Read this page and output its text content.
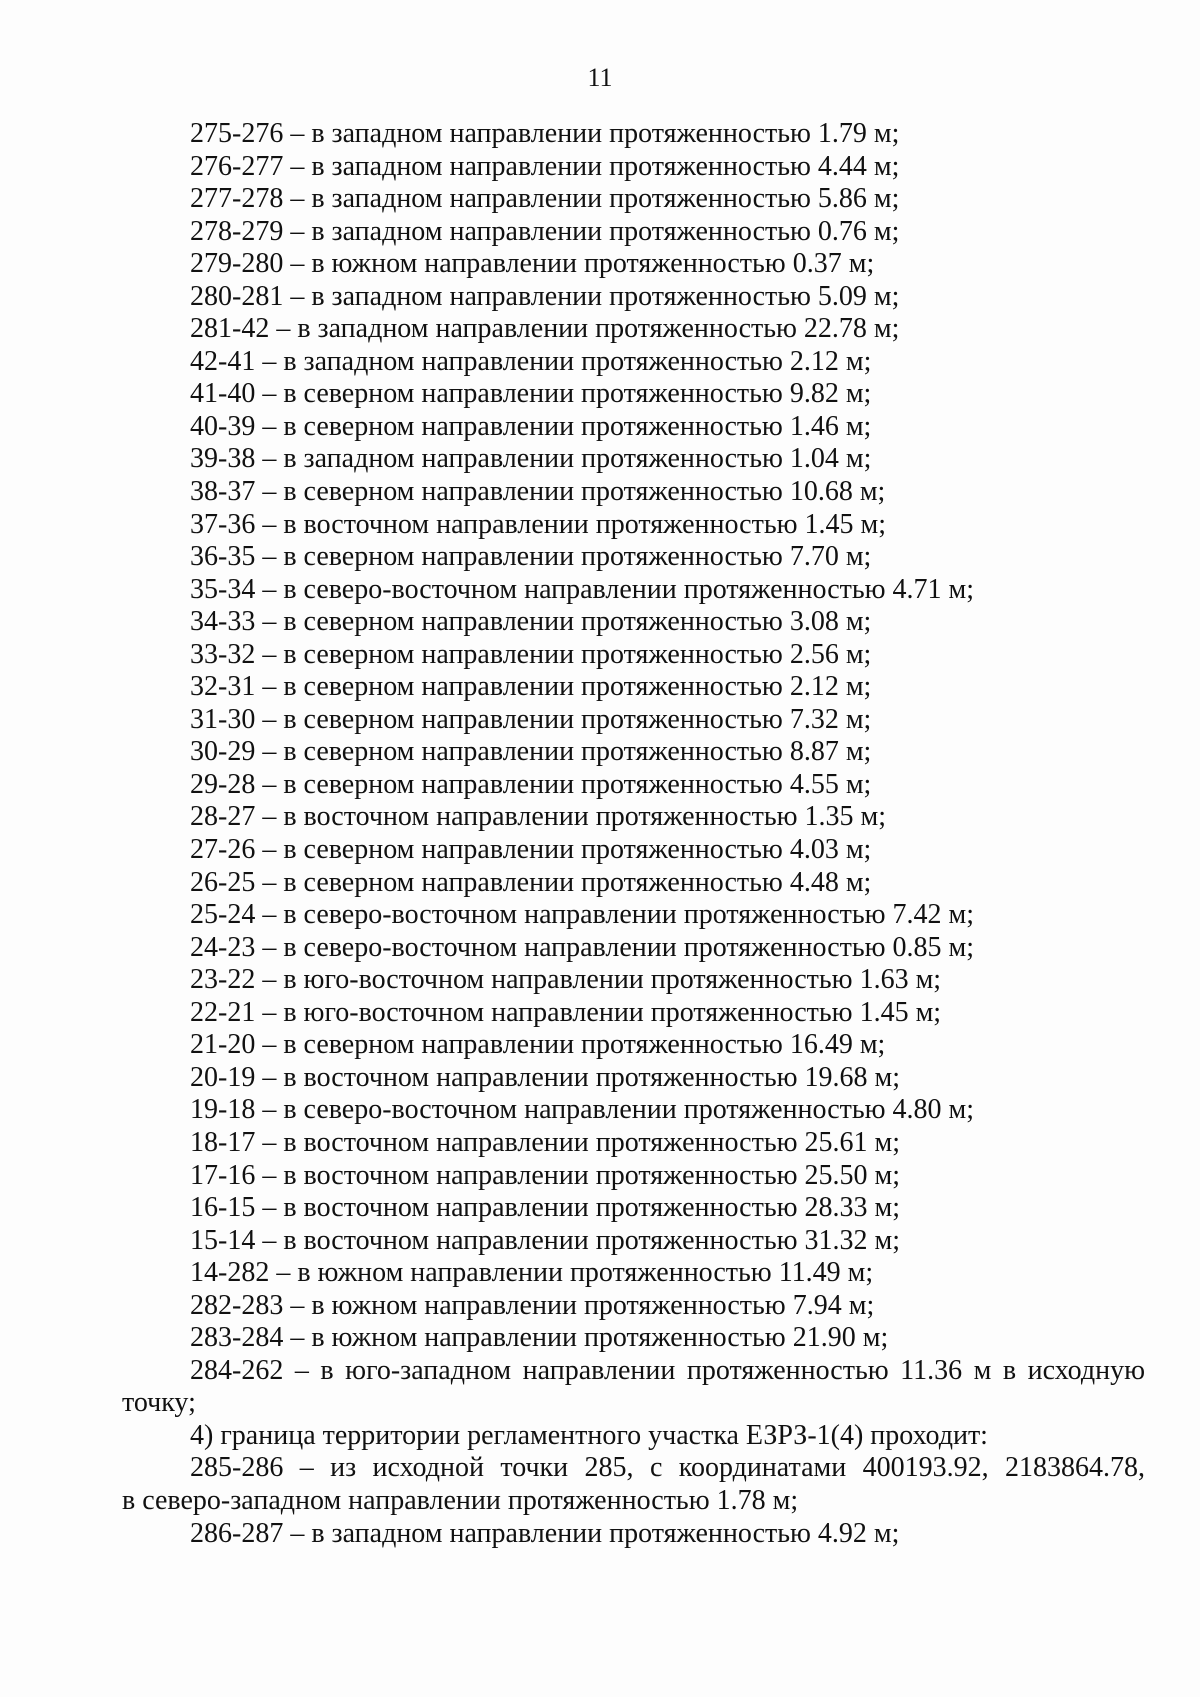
11
275-276 – в западном направлении протяженностью 1.79 м;
276-277 – в западном направлении протяженностью 4.44 м;
277-278 – в западном направлении протяженностью 5.86 м;
278-279 – в западном направлении протяженностью 0.76 м;
279-280 – в южном направлении протяженностью 0.37 м;
280-281 – в западном направлении протяженностью 5.09 м;
281-42 – в западном направлении протяженностью 22.78 м;
42-41 – в западном направлении протяженностью 2.12 м;
41-40 – в северном направлении протяженностью 9.82 м;
40-39 – в северном направлении протяженностью 1.46 м;
39-38 – в западном направлении протяженностью 1.04 м;
38-37 – в северном направлении протяженностью 10.68 м;
37-36 – в восточном направлении протяженностью 1.45 м;
36-35 – в северном направлении протяженностью 7.70 м;
35-34 – в северо-восточном направлении протяженностью 4.71 м;
34-33 – в северном направлении протяженностью 3.08 м;
33-32 – в северном направлении протяженностью 2.56 м;
32-31 – в северном направлении протяженностью 2.12 м;
31-30 – в северном направлении протяженностью 7.32 м;
30-29 – в северном направлении протяженностью 8.87 м;
29-28 – в северном направлении протяженностью 4.55 м;
28-27 – в восточном направлении протяженностью 1.35 м;
27-26 – в северном направлении протяженностью 4.03 м;
26-25 – в северном направлении протяженностью 4.48 м;
25-24 – в северо-восточном направлении протяженностью 7.42 м;
24-23 – в северо-восточном направлении протяженностью 0.85 м;
23-22 – в юго-восточном направлении протяженностью 1.63 м;
22-21 – в юго-восточном направлении протяженностью 1.45 м;
21-20 – в северном направлении протяженностью 16.49 м;
20-19 – в восточном направлении протяженностью 19.68 м;
19-18 – в северо-восточном направлении протяженностью 4.80 м;
18-17 – в восточном направлении протяженностью 25.61 м;
17-16 – в восточном направлении протяженностью 25.50 м;
16-15 – в восточном направлении протяженностью 28.33 м;
15-14 – в восточном направлении протяженностью 31.32 м;
14-282 – в южном направлении протяженностью 11.49 м;
282-283 – в южном направлении протяженностью 7.94 м;
283-284 – в южном направлении протяженностью 21.90 м;
284-262 – в юго-западном направлении протяженностью 11.36 м в исходную
точку;
4) граница территории регламентного участка ЕЗРЗ-1(4) проходит:
285-286 – из исходной точки 285, с координатами 400193.92, 2183864.78,
в северо-западном направлении протяженностью 1.78 м;
286-287 – в западном направлении протяженностью 4.92 м;
